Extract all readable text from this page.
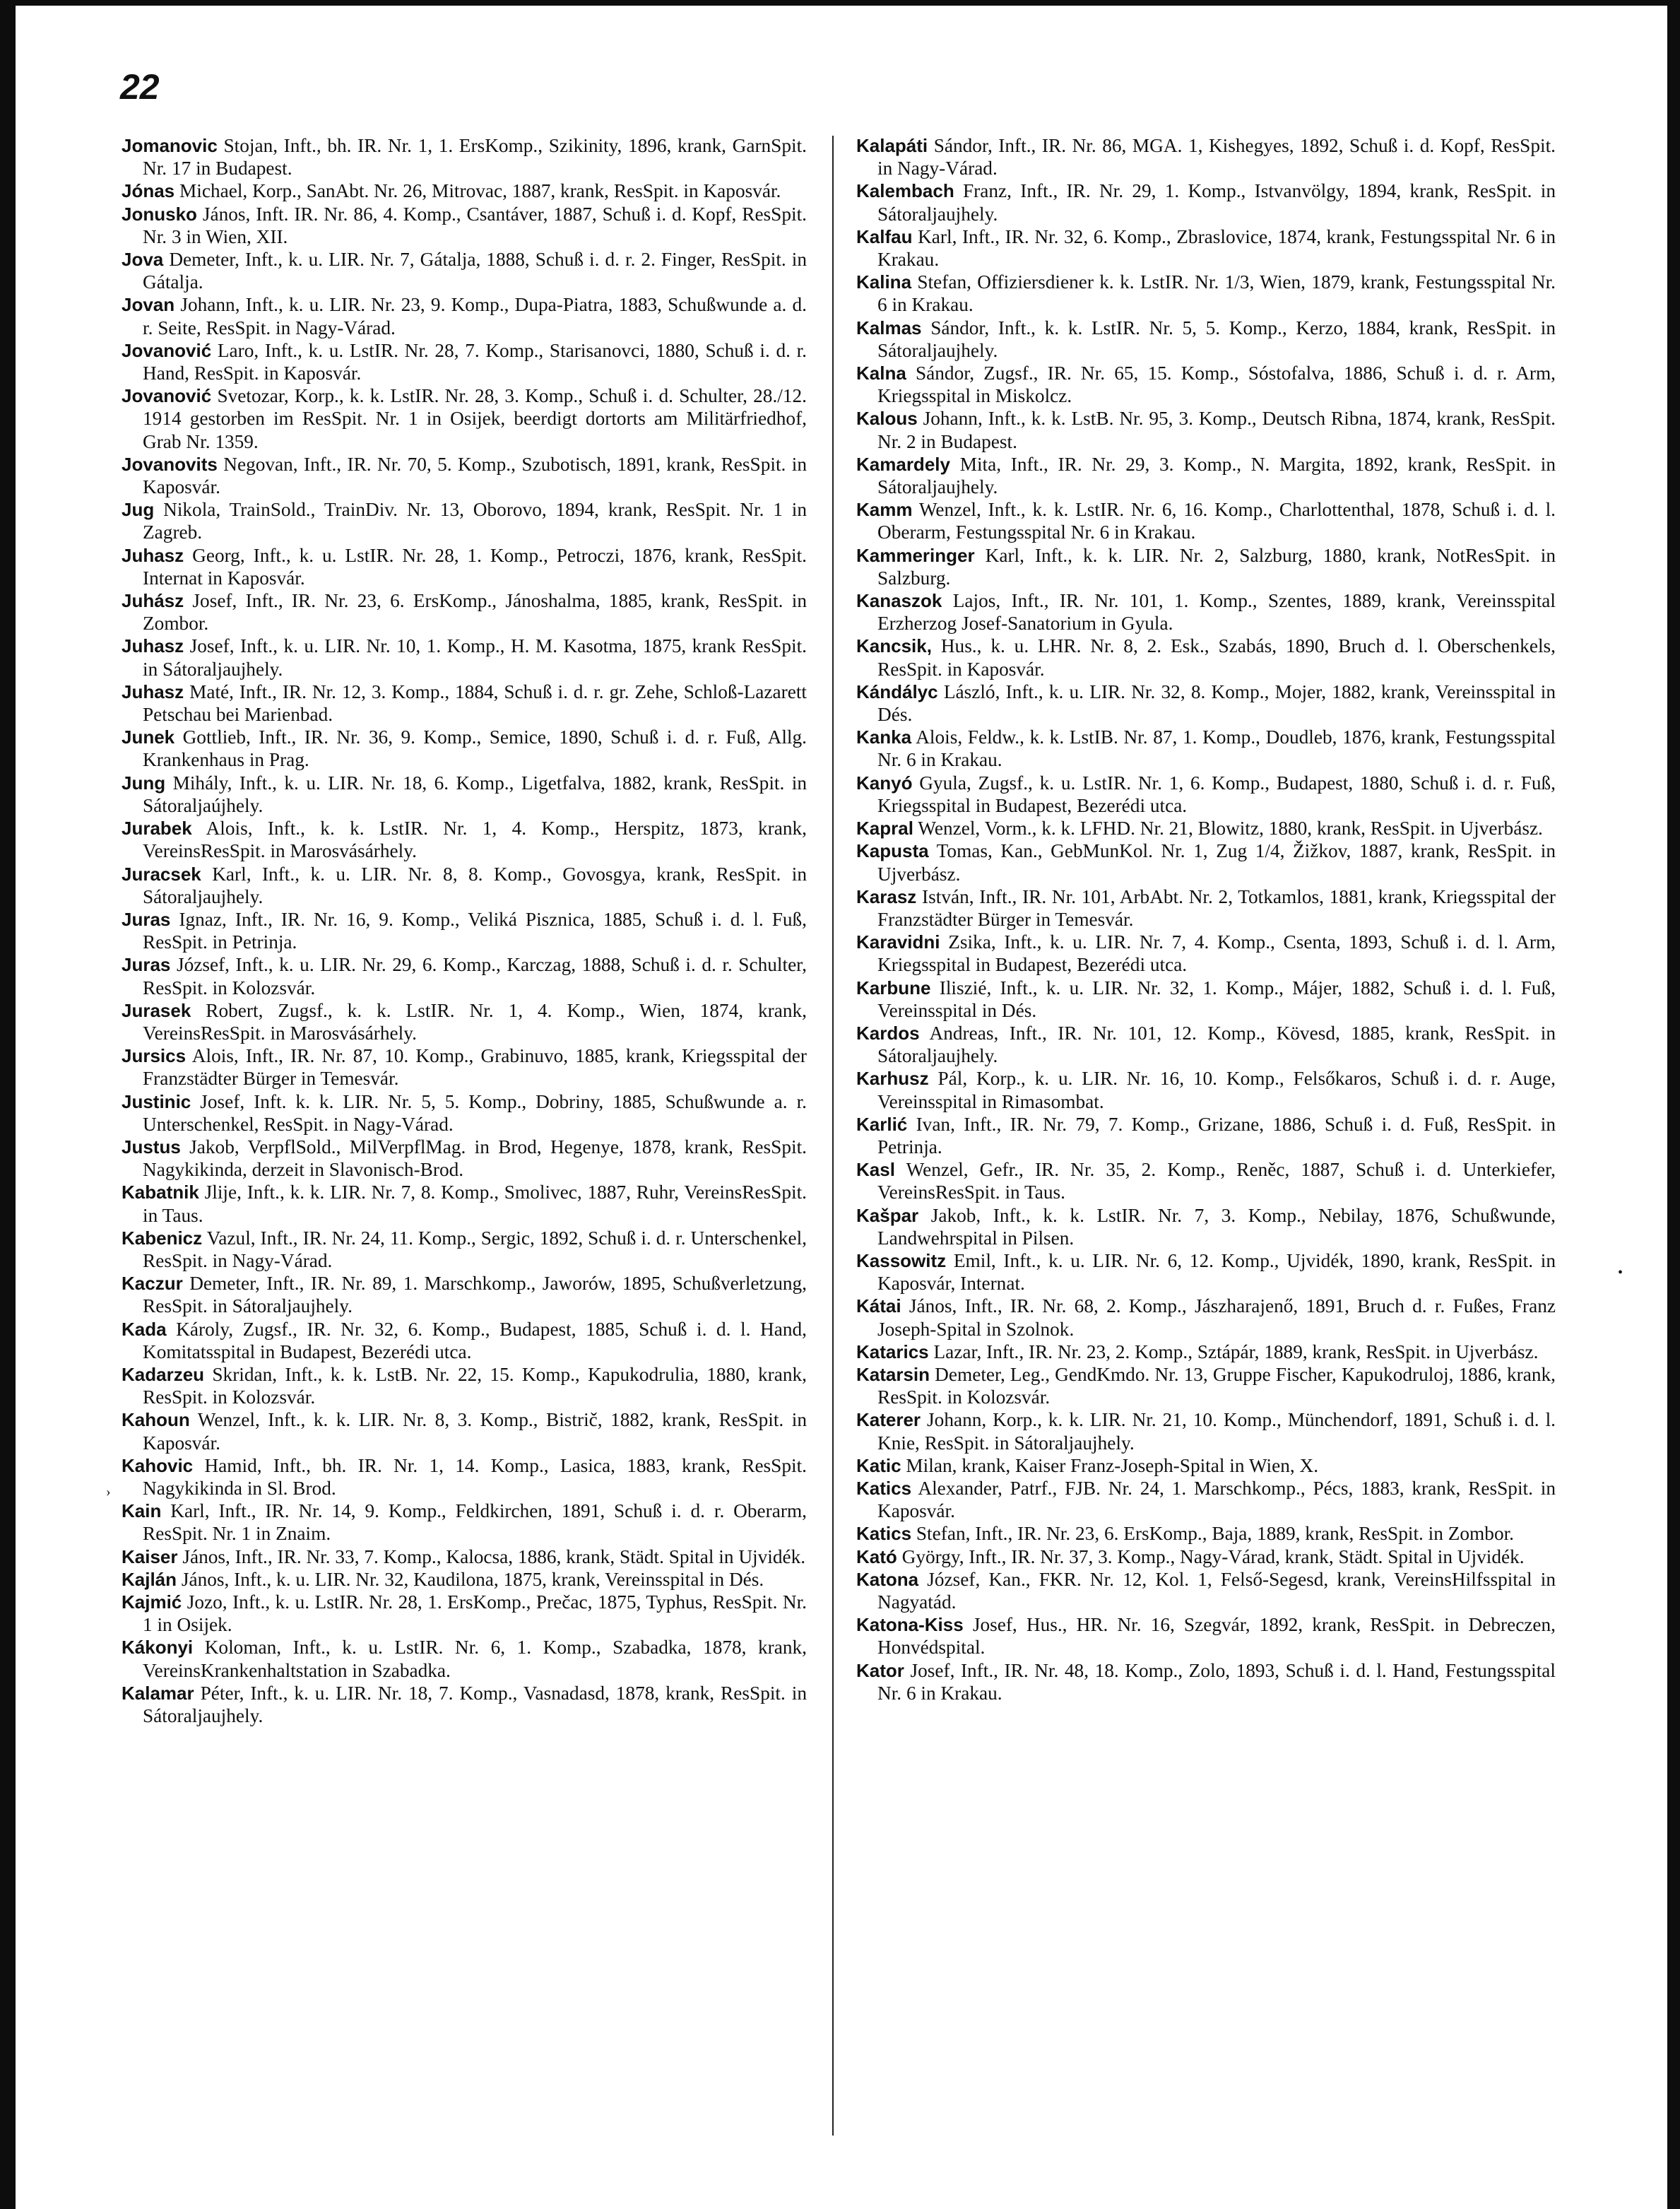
22

Jomanovic Stojan, Inft., bh. IR. Nr. 1, 1. ErsKomp., Szikinity, 1896, krank, GarnSpit. Nr. 17 in Budapest.

Jónas Michael, Korp., SanAbt. Nr. 26, Mitrovac, 1887, krank, ResSpit. in Kaposvár.

Jonusko János, Inft. IR. Nr. 86, 4. Komp., Csantáver, 1887, Schuß i. d. Kopf, ResSpit. Nr. 3 in Wien, XII.

Jova Demeter, Inft., k. u. LIR. Nr. 7, Gátalja, 1888, Schuß i. d. r. 2. Finger, ResSpit. in Gátalja.

Jovan Johann, Inft., k. u. LIR. Nr. 23, 9. Komp., Dupa-Piatra, 1883, Schußwunde a. d. r. Seite, ResSpit. in Nagy-Várad.

Jovanović Laro, Inft., k. u. LstIR. Nr. 28, 7. Komp., Starisanovci, 1880, Schuß i. d. r. Hand, ResSpit. in Kaposvár.

Jovanović Svetozar, Korp., k. k. LstIR. Nr. 28, 3. Komp., Schuß i. d. Schulter, 28./12. 1914 gestorben im ResSpit. Nr. 1 in Osijek, beerdigt dortorts am Militärfriedhof, Grab Nr. 1359.

Jovanovits Negovan, Inft., IR. Nr. 70, 5. Komp., Szubotisch, 1891, krank, ResSpit. in Kaposvár.

Jug Nikola, TrainSold., TrainDiv. Nr. 13, Oborovo, 1894, krank, ResSpit. Nr. 1 in Zagreb.

Juhasz Georg, Inft., k. u. LstIR. Nr. 28, 1. Komp., Petroczi, 1876, krank, ResSpit. Internat in Kaposvár.

Juhász Josef, Inft., IR. Nr. 23, 6. ErsKomp., Jánoshalma, 1885, krank, ResSpit. in Zombor.

Juhasz Josef, Inft., k. u. LIR. Nr. 10, 1. Komp., H. M. Kasotma, 1875, krank ResSpit. in Sátoraljaujhely.

Juhasz Maté, Inft., IR. Nr. 12, 3. Komp., 1884, Schuß i. d. r. gr. Zehe, Schloß-Lazarett Petschau bei Marienbad.

Junek Gottlieb, Inft., IR. Nr. 36, 9. Komp., Semice, 1890, Schuß i. d. r. Fuß, Allg. Krankenhaus in Prag.

Jung Mihály, Inft., k. u. LIR. Nr. 18, 6. Komp., Ligetfalva, 1882, krank, ResSpit. in Sátoraljaújhely.

Jurabek Alois, Inft., k. k. LstIR. Nr. 1, 4. Komp., Herspitz, 1873, krank, VereinsResSpit. in Marosvásárhely.

Juracsek Karl, Inft., k. u. LIR. Nr. 8, 8. Komp., Govosgya, krank, ResSpit. in Sátoraljaujhely.

Juras Ignaz, Inft., IR. Nr. 16, 9. Komp., Veliká Pisznica, 1885, Schuß i. d. l. Fuß, ResSpit. in Petrinja.

Juras József, Inft., k. u. LIR. Nr. 29, 6. Komp., Karczag, 1888, Schuß i. d. r. Schulter, ResSpit. in Kolozsvár.

Jurasek Robert, Zugsf., k. k. LstIR. Nr. 1, 4. Komp., Wien, 1874, krank, VereinsResSpit. in Marosvásárhely.

Jursics Alois, Inft., IR. Nr. 87, 10. Komp., Grabinuvo, 1885, krank, Kriegsspital der Franzstädter Bürger in Temesvár.

Justinic Josef, Inft. k. k. LIR. Nr. 5, 5. Komp., Dobriny, 1885, Schußwunde a. r. Unterschenkel, ResSpit. in Nagy-Várad.

Justus Jakob, VerpflSold., MilVerpflMag. in Brod, Hegenye, 1878, krank, ResSpit. Nagykikinda, derzeit in Slavonisch-Brod.

Kabatnik Jlije, Inft., k. k. LIR. Nr. 7, 8. Komp., Smolivec, 1887, Ruhr, VereinsResSpit. in Taus.

Kabenicz Vazul, Inft., IR. Nr. 24, 11. Komp., Sergic, 1892, Schuß i. d. r. Unterschenkel, ResSpit. in Nagy-Várad.

Kaczur Demeter, Inft., IR. Nr. 89, 1. Marschkomp., Jaworów, 1895, Schußverletzung, ResSpit. in Sátoraljaujhely.

Kada Károly, Zugsf., IR. Nr. 32, 6. Komp., Budapest, 1885, Schuß i. d. l. Hand, Komitatsspital in Budapest, Bezerédi utca.

Kadarzeu Skridan, Inft., k. k. LstB. Nr. 22, 15. Komp., Kapukodrulia, 1880, krank, ResSpit. in Kolozsvár.

Kahoun Wenzel, Inft., k. k. LIR. Nr. 8, 3. Komp., Bistrič, 1882, krank, ResSpit. in Kaposvár.

Kahovic Hamid, Inft., bh. IR. Nr. 1, 14. Komp., Lasica, 1883, krank, ResSpit. Nagykikinda in Sl. Brod.

Kain Karl, Inft., IR. Nr. 14, 9. Komp., Feldkirchen, 1891, Schuß i. d. r. Oberarm, ResSpit. Nr. 1 in Znaim.

Kaiser János, Inft., IR. Nr. 33, 7. Komp., Kalocsa, 1886, krank, Städt. Spital in Ujvidék.

Kajlán János, Inft., k. u. LIR. Nr. 32, Kaudilona, 1875, krank, Vereinsspital in Dés.

Kajmić Jozo, Inft., k. u. LstIR. Nr. 28, 1. ErsKomp., Prečac, 1875, Typhus, ResSpit. Nr. 1 in Osijek.

Kákonyi Koloman, Inft., k. u. LstIR. Nr. 6, 1. Komp., Szabadka, 1878, krank, VereinsKrankenhaltstation in Szabadka.

Kalamar Péter, Inft., k. u. LIR. Nr. 18, 7. Komp., Vasnadasd, 1878, krank, ResSpit. in Sátoraljaujhely.

Kalapáti Sándor, Inft., IR. Nr. 86, MGA. 1, Kishegyes, 1892, Schuß i. d. Kopf, ResSpit. in Nagy-Várad.

Kalembach Franz, Inft., IR. Nr. 29, 1. Komp., Istvanvölgy, 1894, krank, ResSpit. in Sátoraljaujhely.

Kalfau Karl, Inft., IR. Nr. 32, 6. Komp., Zbraslovice, 1874, krank, Festungsspital Nr. 6 in Krakau.

Kalina Stefan, Offiziersdiener k. k. LstIR. Nr. 1/3, Wien, 1879, krank, Festungsspital Nr. 6 in Krakau.

Kalmas Sándor, Inft., k. k. LstIR. Nr. 5, 5. Komp., Kerzo, 1884, krank, ResSpit. in Sátoraljaujhely.

Kalna Sándor, Zugsf., IR. Nr. 65, 15. Komp., Sóstofalva, 1886, Schuß i. d. r. Arm, Kriegsspital in Miskolcz.

Kalous Johann, Inft., k. k. LstB. Nr. 95, 3. Komp., Deutsch Ribna, 1874, krank, ResSpit. Nr. 2 in Budapest.

Kamardely Mita, Inft., IR. Nr. 29, 3. Komp., N. Margita, 1892, krank, ResSpit. in Sátoraljaujhely.

Kamm Wenzel, Inft., k. k. LstIR. Nr. 6, 16. Komp., Charlottenthal, 1878, Schuß i. d. l. Oberarm, Festungsspital Nr. 6 in Krakau.

Kammeringer Karl, Inft., k. k. LIR. Nr. 2, Salzburg, 1880, krank, NotResSpit. in Salzburg.

Kanaszok Lajos, Inft., IR. Nr. 101, 1. Komp., Szentes, 1889, krank, Vereinsspital Erzherzog Josef-Sanatorium in Gyula.

Kancsik, Hus., k. u. LHR. Nr. 8, 2. Esk., Szabás, 1890, Bruch d. l. Oberschenkels, ResSpit. in Kaposvár.

Kándályc László, Inft., k. u. LIR. Nr. 32, 8. Komp., Mojer, 1882, krank, Vereinsspital in Dés.

Kanka Alois, Feldw., k. k. LstIB. Nr. 87, 1. Komp., Doudleb, 1876, krank, Festungsspital Nr. 6 in Krakau.

Kanyó Gyula, Zugsf., k. u. LstIR. Nr. 1, 6. Komp., Budapest, 1880, Schuß i. d. r. Fuß, Kriegsspital in Budapest, Bezerédi utca.

Kapral Wenzel, Vorm., k. k. LFHD. Nr. 21, Blowitz, 1880, krank, ResSpit. in Ujverbász.

Kapusta Tomas, Kan., GebMunKol. Nr. 1, Zug 1/4, Žižkov, 1887, krank, ResSpit. in Ujverbász.

Karasz István, Inft., IR. Nr. 101, ArbAbt. Nr. 2, Totkamlos, 1881, krank, Kriegsspital der Franzstädter Bürger in Temesvár.

Karavidni Zsika, Inft., k. u. LIR. Nr. 7, 4. Komp., Csenta, 1893, Schuß i. d. l. Arm, Kriegsspital in Budapest, Bezerédi utca.

Karbune Iliszié, Inft., k. u. LIR. Nr. 32, 1. Komp., Májer, 1882, Schuß i. d. l. Fuß, Vereinsspital in Dés.

Kardos Andreas, Inft., IR. Nr. 101, 12. Komp., Kövesd, 1885, krank, ResSpit. in Sátoraljaujhely.

Karhusz Pál, Korp., k. u. LIR. Nr. 16, 10. Komp., Felsőkaros, Schuß i. d. r. Auge, Vereinsspital in Rimasombat.

Karlić Ivan, Inft., IR. Nr. 79, 7. Komp., Grizane, 1886, Schuß i. d. Fuß, ResSpit. in Petrinja.

Kasl Wenzel, Gefr., IR. Nr. 35, 2. Komp., Reněc, 1887, Schuß i. d. Unterkiefer, VereinsResSpit. in Taus.

Kašpar Jakob, Inft., k. k. LstIR. Nr. 7, 3. Komp., Nebilay, 1876, Schußwunde, Landwehrspital in Pilsen.

Kassowitz Emil, Inft., k. u. LIR. Nr. 6, 12. Komp., Ujvidék, 1890, krank, ResSpit. in Kaposvár, Internat.

Kátai János, Inft., IR. Nr. 68, 2. Komp., Jászharajenő, 1891, Bruch d. r. Fußes, Franz Joseph-Spital in Szolnok.

Katarics Lazar, Inft., IR. Nr. 23, 2. Komp., Sztápár, 1889, krank, ResSpit. in Ujverbász.

Katarsin Demeter, Leg., GendKmdo. Nr. 13, Gruppe Fischer, Kapukodruloj, 1886, krank, ResSpit. in Kolozsvár.

Katerer Johann, Korp., k. k. LIR. Nr. 21, 10. Komp., Münchendorf, 1891, Schuß i. d. l. Knie, ResSpit. in Sátoraljaujhely.

Katic Milan, krank, Kaiser Franz-Joseph-Spital in Wien, X.

Katics Alexander, Patrf., FJB. Nr. 24, 1. Marschkomp., Pécs, 1883, krank, ResSpit. in Kaposvár.

Katics Stefan, Inft., IR. Nr. 23, 6. ErsKomp., Baja, 1889, krank, ResSpit. in Zombor.

Kató György, Inft., IR. Nr. 37, 3. Komp., Nagy-Várad, krank, Städt. Spital in Ujvidék.

Katona József, Kan., FKR. Nr. 12, Kol. 1, Felső-Segesd, krank, VereinsHilfsspital in Nagyatád.

Katona-Kiss Josef, Hus., HR. Nr. 16, Szegvár, 1892, krank, ResSpit. in Debreczen, Honvédspital.

Kator Josef, Inft., IR. Nr. 48, 18. Komp., Zolo, 1893, Schuß i. d. l. Hand, Festungsspital Nr. 6 in Krakau.

›
•
